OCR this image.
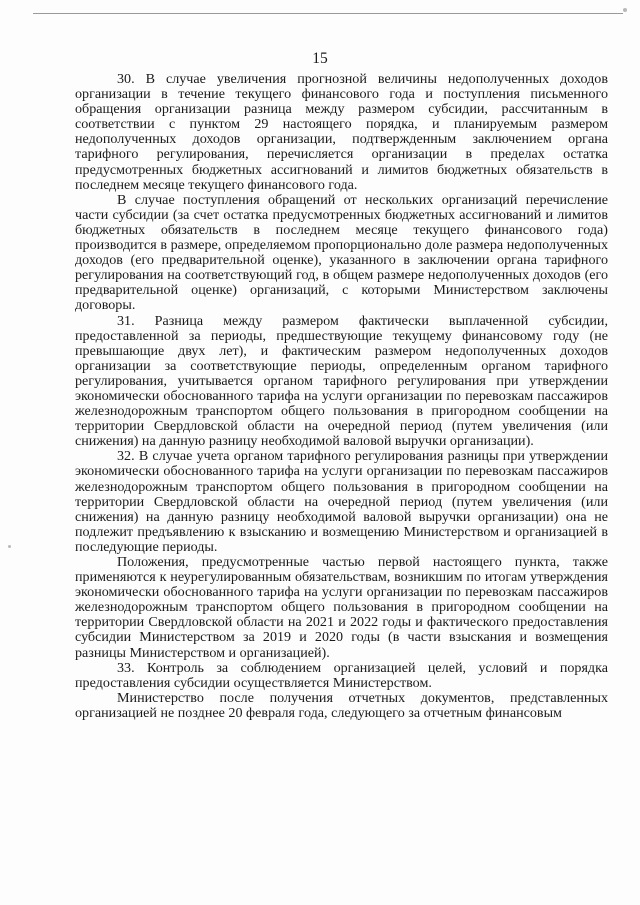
15

30. В случае увеличения прогнозной величины недополученных доходов организации в течение текущего финансового года и поступления письменного обращения организации разница между размером субсидии, рассчитанным в соответствии с пунктом 29 настоящего порядка, и планируемым размером недополученных доходов организации, подтвержденным заключением органа тарифного регулирования, перечисляется организации в пределах остатка предусмотренных бюджетных ассигнований и лимитов бюджетных обязательств в последнем месяце текущего финансового года.

В случае поступления обращений от нескольких организаций перечисление части субсидии (за счет остатка предусмотренных бюджетных ассигнований и лимитов бюджетных обязательств в последнем месяце текущего финансового года) производится в размере, определяемом пропорционально доле размера недополученных доходов (его предварительной оценке), указанного в заключении органа тарифного регулирования на соответствующий год, в общем размере недополученных доходов (его предварительной оценке) организаций, с которыми Министерством заключены договоры.

31. Разница между размером фактически выплаченной субсидии, предоставленной за периоды, предшествующие текущему финансовому году (не превышающие двух лет), и фактическим размером недополученных доходов организации за соответствующие периоды, определенным органом тарифного регулирования, учитывается органом тарифного регулирования при утверждении экономически обоснованного тарифа на услуги организации по перевозкам пассажиров железнодорожным транспортом общего пользования в пригородном сообщении на территории Свердловской области на очередной период (путем увеличения (или снижения) на данную разницу необходимой валовой выручки организации).

32. В случае учета органом тарифного регулирования разницы при утверждении экономически обоснованного тарифа на услуги организации по перевозкам пассажиров железнодорожным транспортом общего пользования в пригородном сообщении на территории Свердловской области на очередной период (путем увеличения (или снижения) на данную разницу необходимой валовой выручки организации) она не подлежит предъявлению к взысканию и возмещению Министерством и организацией в последующие периоды.

Положения, предусмотренные частью первой настоящего пункта, также применяются к неурегулированным обязательствам, возникшим по итогам утверждения экономически обоснованного тарифа на услуги организации по перевозкам пассажиров железнодорожным транспортом общего пользования в пригородном сообщении на территории Свердловской области на 2021 и 2022 годы и фактического предоставления субсидии Министерством за 2019 и 2020 годы (в части взыскания и возмещения разницы Министерством и организацией).

33. Контроль за соблюдением организацией целей, условий и порядка предоставления субсидии осуществляется Министерством.

Министерство после получения отчетных документов, представленных организацией не позднее 20 февраля года, следующего за отчетным финансовым
